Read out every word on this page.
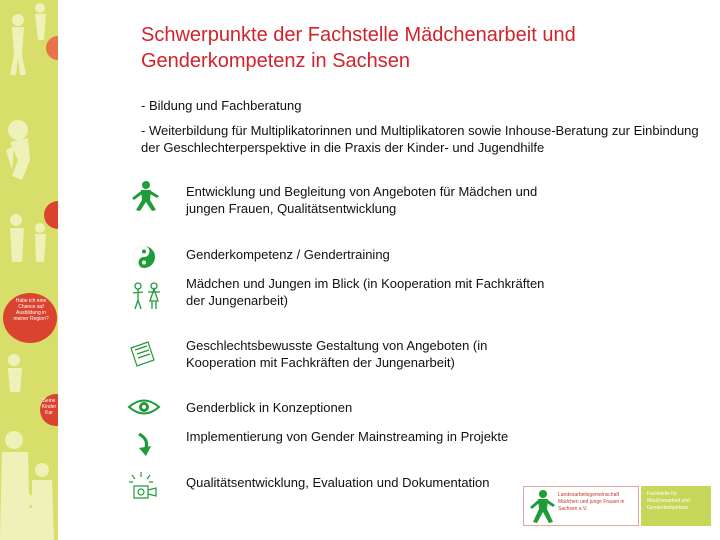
Habe ich eine Chance auf Ausbildung in meiner Region?
Seine Kinder Kar
Schwerpunkte der Fachstelle Mädchenarbeit und Genderkompetenz in Sachsen
- Bildung und Fachberatung
- Weiterbildung für Multiplikatorinnen und Multiplikatoren sowie Inhouse-Beratung zur Einbindung der Geschlechterperspektive in die Praxis der Kinder- und Jugendhilfe
Entwicklung und Begleitung von Angeboten für Mädchen und jungen Frauen, Qualitätsentwicklung
Genderkompetenz / Gendertraining
Mädchen und Jungen im Blick (in Kooperation mit Fachkräften der Jungenarbeit)
Geschlechtsbewusste Gestaltung von Angeboten (in Kooperation mit Fachkräften der Jungenarbeit)
Genderblick in Konzeptionen
Implementierung von Gender Mainstreaming in Projekte
Qualitätsentwicklung, Evaluation und Dokumentation
Landesarbeitsgemeinschaft Mädchen und junge Frauen in Sachsen e.V.
Fachstelle für Mädchenarbeit und Genderkompetenz
